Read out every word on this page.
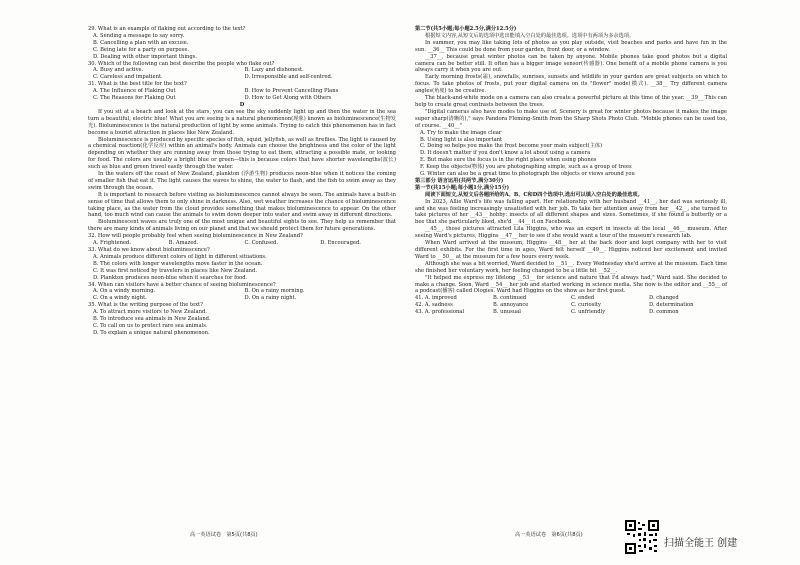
29. What is an example of flaking out according to the text?

A. Sending a message to say sorry.

B. Cancelling a plan with an excuse.

C. Being late for a party on purpose.

D. Dealing with other important things.

30. Which of the following can best describe the people who flake out?

A. Busy and active.	B. Lazy and dishonest.
C. Careless and impatient.	D. Irresponsible and self-centred.

31. What is the best title for the text?

A. The Influence of Flaking Out	B. How to Prevent Cancelling Plans
C. The Reasons for Flaking Out	D. How to Get Along with Others

D

If you sit at a beach and look at the stars, you can see the sky suddenly light up and then the water in the sea turn a beautiful, electric blue! What you are seeing is a natural phenomenon(现象) known as bioluminescence(生物发光). Bioluminescence is the natural production of light by some animals. Trying to catch this phenomenon has in fact become a tourist attraction in places like New Zealand.

Bioluminescence is produced by specific species of fish, squid, jellyfish, as well as fireflies. The light is caused by a chemical reaction(化学反应) within an animal's body. Animals can choose the brightness and the color of the light depending on whether they are running away from those trying to eat them, attracting a possible mate, or looking for food. The colors are usually a bright blue or green—this is because colors that have shorter wavelengths(波长) such as blue and green travel easily through the water.

In the waters off the coast of New Zealand, plankton (浮游生物) produces neon-blue when it notices the coming of smaller fish that eat it. The light causes the waves to shine, the water to flash, and the fish to swim away as they swim through the ocean.

It is important to research before visiting as bioluminescence cannot always be seen. The animals have a built-in sense of time that allows them to only shine in darkness. Also, wet weather increases the chance of bioluminescence taking place, as the water from the cloud provides something that makes bioluminescence to appear. On the other hand, too much wind can cause the animals to swim down deeper into water and swim away in different directions.

Bioluminescent waves are truly one of the most unique and beautiful sights to see. They help us remember that there are many kinds of animals living on our planet and that we should protect them for future generations.

32. How will people probably feel when seeing bioluminescence in New Zealand?

A. Frightened.	B. Amazed.	C. Confused.	D. Encouraged.

33. What do we know about bioluminescence?

A. Animals produce different colors of light in different situations.

B. The colors with longer wavelengths move faster in the ocean.

C. It was first noticed by travelers in places like New Zealand.

D. Plankton produces neon-blue when it searches for food.

34. When can visitors have a better chance of seeing bioluminescence?

A. On a windy morning.	B. On a rainy morning.
C. On a windy night.	D. On a rainy night.

35. What is the writing purpose of the text?

A. To attract more visitors to New Zealand.

B. To introduce sea animals in New Zealand.

C. To call on us to protect rare sea animals.

D. To explain a unique natural phenomenon.

第二节(共5小题;每小题2.5分,满分12.5分)

根据短文内容,从短文后的选项中选出能填入空白处的最佳选项。选项中有两项为多余选项。

In summer, you may like taking lots of photos as you play outside, visit beaches and parks and have fun in the sun. __36__ This could be done from your garden, front door, or a window.

__37__, because great winter photos can be taken by anyone. Mobile phones take good photos but a digital camera can be better still. It often has a bigger image sensor(传感器). One benefit of a mobile phone camera is you always carry it when you are out.

Early morning frosts(霜), snowfalls, sunrises, sunsets and wildlife in your garden are great subjects on which to focus. To take photos of frosts, put your digital camera on its "flower" mode(模式). __38__ Try different camera angles(角度) to be creative.

The black-and-white mode on a camera can also create a powerful picture at this time of the year. __39__ This can help to create great contrasts between the trees.

"Digital cameras also have modes to make use of. Scenery is great for winter photos because it makes the image super sharp(清晰的)," says Pandora Fleming-Smith from the Sharp Shots Photo Club. "Mobile phones can be used too, of course. __40__"

A. Try to make the image clear

B. Using light is also important

C. Doing so helps you make the frost become your main subject(主体)

D. It doesn't matter if you don't know a lot about using a camera

E. But make sure the focus is in the right place when using phones

F. Keep the objects(物体) you are photographing simple, such as a group of trees

G. Winter can also be a great time to photograph the objects or views around you

第三部分 语言运用(共两节,满分30分)

第一节(共15小题;每小题1分,满分15分)

阅读下面短文,从短文后各题所给的A、B、C和D四个选项中,选出可以填入空白处的最佳选项。

In 2023, Allie Ward's life was falling apart. Her relationship with her husband __41__, her dad was seriously ill, and she was feeling increasingly unsatisfied with her job. To take her attention away from her __42__, she turned to take pictures of her __43__ hobby: insects of all different shapes and sizes. Sometimes, if she found a butterfly or a bee that she particularly liked, she'd __44__ it on Facebook.

__45__, those pictures attracted Lila Higgins, who was an expert in insects at the local __46__ museum. After seeing Ward's pictures, Higgins __47__ her to see if she would want a tour of the museum's research lab.

When Ward arrived at the museum, Higgins __48__ her at the back door and kept company with her to visit different exhibits. For the first time in ages, Ward felt herself __49__. Higgins noticed her excitement and invited Ward to __50__ at the museum for a few hours every week.

Although she was a bit worried, Ward decided to __51__. Every Wednesday she'd arrive at the museum. Each time she finished her voluntary work, her feeling changed to be a little bit __52__.

"It helped me express my lifelong __53__ for science and nature that I'd always had," Ward said. She decided to make a change. Soon, Ward __54__ her job and started working in science media. She now is the editor and __55__ of a podcast(播客) called Ologies. Ward had Higgins on the show as her first guest.

41. A. improved	B. continued	C. ended	D. changed
42. A. sadness	B. annoyance	C. curiosity	D. determination
43. A. professional	B. unusual	C. unfriendly	D. common
高一英语试卷　第5页(共8页)	高一英语试卷　第6页(共8页)
扫描全能王 创建
